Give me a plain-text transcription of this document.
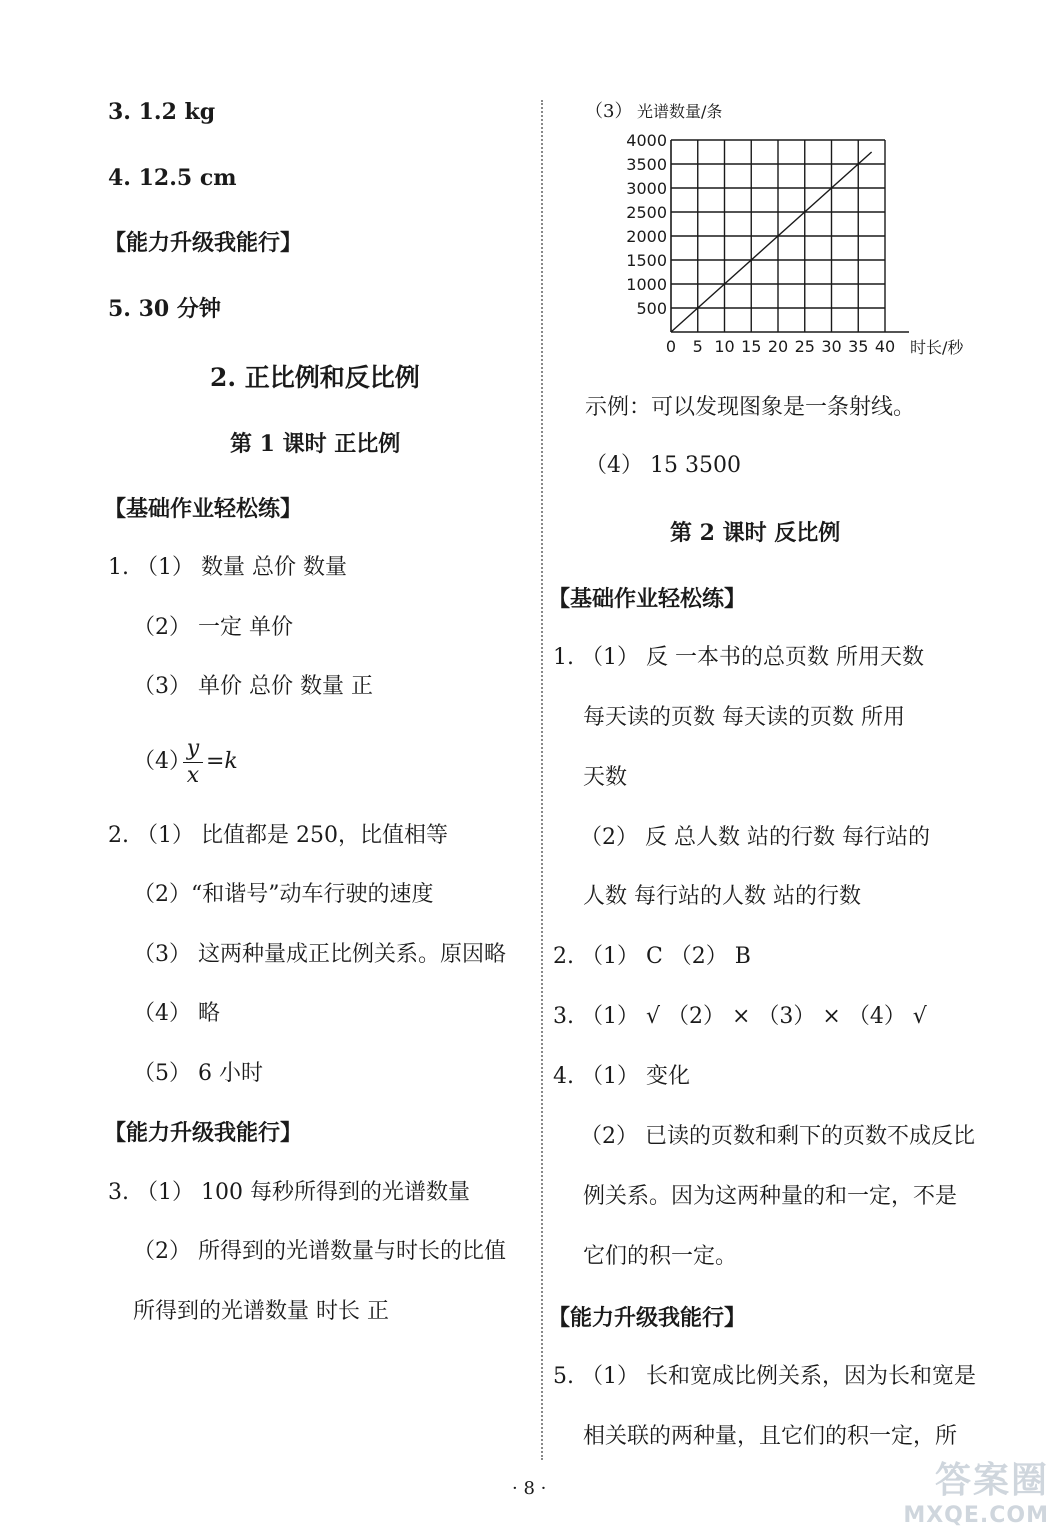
3. 1.2 kg
4. 12.5 cm
【能力升级我能行】
5. 30 分钟
2. 正比例和反比例
第 1 课时 正比例
【基础作业轻松练】
1. （1） 数量 总价 数量
（2） 一定 单价
（3） 单价 总价 数量 正
（4）
y
x
=k
2. （1） 比值都是 250，比值相等
（2）“和谐号”动车行驶的速度
（3） 这两种量成正比例关系。原因略
（4） 略
（5） 6 小时
【能力升级我能行】
3. （1） 100 每秒所得到的光谱数量
（2） 所得到的光谱数量与时长的比值
所得到的光谱数量 时长 正
（3）
500
1000
1500
2000
2500
3000
3500
4000
0 5 10 15 20 25 30 35 40
光谱数量/条
时长/秒
示例：可以发现图象是一条射线。
（4） 15 3500
第 2 课时 反比例
【基础作业轻松练】
1. （1） 反 一本书的总页数 所用天数
每天读的页数 每天读的页数 所用
天数
（2） 反 总人数 站的行数 每行站的
人数 每行站的人数 站的行数
2. （1） C （2） B
3. （1） √ （2） × （3） × （4） √
4. （1） 变化
（2） 已读的页数和剩下的页数不成反比
例关系。因为这两种量的和一定，不是
它们的积一定。
【能力升级我能行】
5. （1） 长和宽成比例关系，因为长和宽是
相关联的两种量，且它们的积一定，所
· 8 ·	答案圈
MXQE.COM
